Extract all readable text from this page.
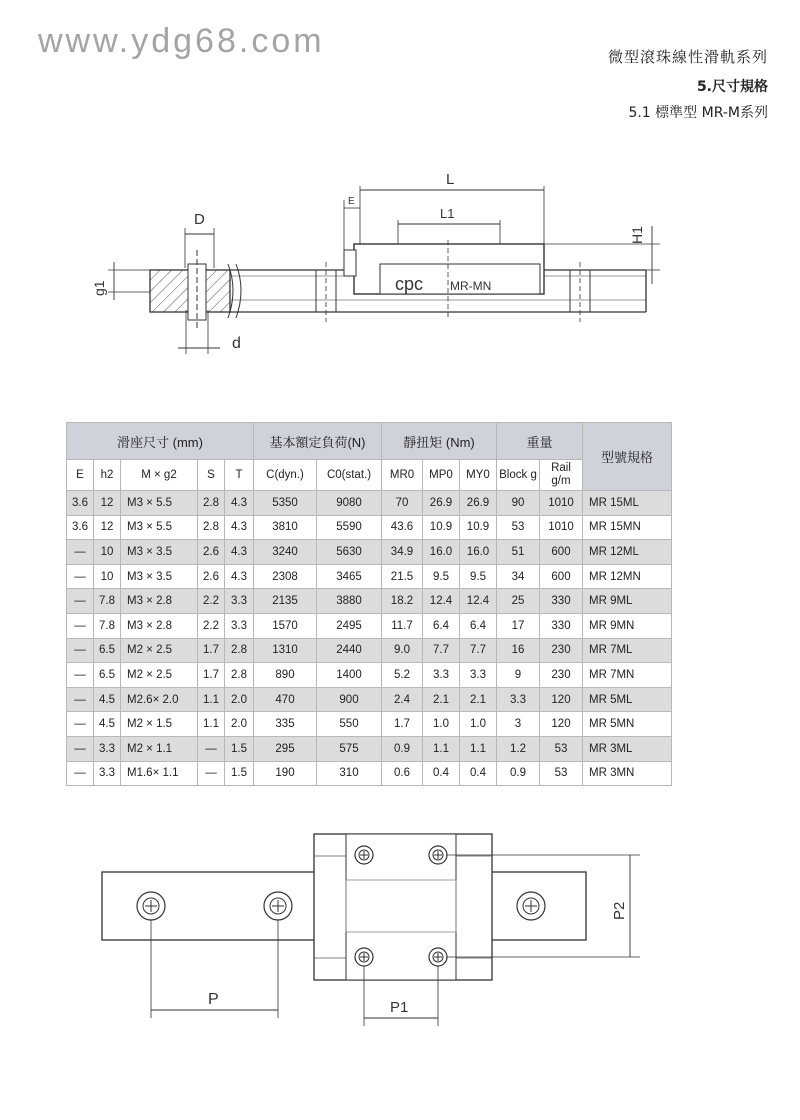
www.ydg68.com	微型滾珠線性滑軌系列
5.尺寸規格
5.1 標準型 MR-M系列
cpc MR-MN
L
L1
E
H1
D
d
g1
滑座尺寸 (mm)					基本額定負荷(N)		靜扭矩 (Nm)			重量		型號規格
E	h2	M × g2	S	T	C(dyn.)	C0(stat.)	MR0	MP0	MY0	Block g	Rail g/m	
3.6	12	M3 × 5.5	2.8	4.3	5350	9080	70	26.9	26.9	90	1010	MR 15ML
3.6	12	M3 × 5.5	2.8	4.3	3810	5590	43.6	10.9	10.9	53	1010	MR 15MN
—	10	M3 × 3.5	2.6	4.3	3240	5630	34.9	16.0	16.0	51	600	MR 12ML
—	10	M3 × 3.5	2.6	4.3	2308	3465	21.5	9.5	9.5	34	600	MR 12MN
—	7.8	M3 × 2.8	2.2	3.3	2135	3880	18.2	12.4	12.4	25	330	MR 9ML
—	7.8	M3 × 2.8	2.2	3.3	1570	2495	11.7	6.4	6.4	17	330	MR 9MN
—	6.5	M2 × 2.5	1.7	2.8	1310	2440	9.0	7.7	7.7	16	230	MR 7ML
—	6.5	M2 × 2.5	1.7	2.8	890	1400	5.2	3.3	3.3	9	230	MR 7MN
—	4.5	M2.6× 2.0	1.1	2.0	470	900	2.4	2.1	2.1	3.3	120	MR 5ML
—	4.5	M2 × 1.5	1.1	2.0	335	550	1.7	1.0	1.0	3	120	MR 5MN
—	3.3	M2 × 1.1	—	1.5	295	575	0.9	1.1	1.1	1.2	53	MR 3ML
—	3.3	M1.6× 1.1	—	1.5	190	310	0.6	0.4	0.4	0.9	53	MR 3MN
P	P1
P2
